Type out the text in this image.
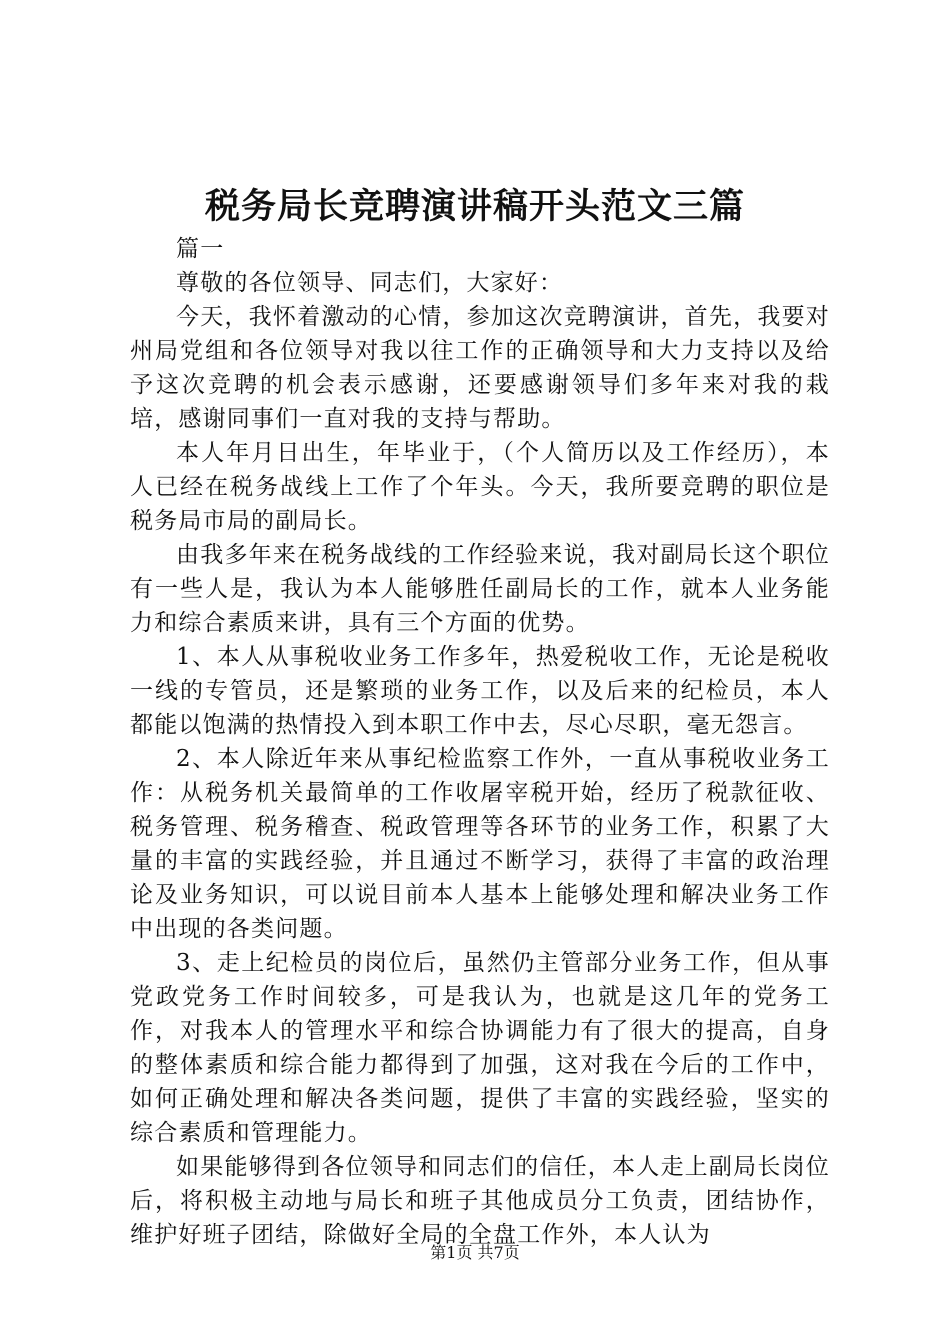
税务局长竞聘演讲稿开头范文三篇

篇一

尊敬的各位领导、同志们，大家好：

今天，我怀着激动的心情，参加这次竞聘演讲，首先，我要对州局党组和各位领导对我以往工作的正确领导和大力支持以及给予这次竞聘的机会表示感谢，还要感谢领导们多年来对我的栽培，感谢同事们一直对我的支持与帮助。

本人年月日出生，年毕业于，（个人简历以及工作经历），本人已经在税务战线上工作了个年头。今天，我所要竞聘的职位是税务局市局的副局长。

由我多年来在税务战线的工作经验来说，我对副局长这个职位有一些人是，我认为本人能够胜任副局长的工作，就本人业务能力和综合素质来讲，具有三个方面的优势。

1、本人从事税收业务工作多年，热爱税收工作，无论是税收一线的专管员，还是繁琐的业务工作，以及后来的纪检员，本人都能以饱满的热情投入到本职工作中去，尽心尽职，毫无怨言。

2、本人除近年来从事纪检监察工作外，一直从事税收业务工作：从税务机关最简单的工作收屠宰税开始，经历了税款征收、税务管理、税务稽查、税政管理等各环节的业务工作，积累了大量的丰富的实践经验，并且通过不断学习，获得了丰富的政治理论及业务知识，可以说目前本人基本上能够处理和解决业务工作中出现的各类问题。

3、走上纪检员的岗位后，虽然仍主管部分业务工作，但从事党政党务工作时间较多，可是我认为，也就是这几年的党务工作，对我本人的管理水平和综合协调能力有了很大的提高，自身的整体素质和综合能力都得到了加强，这对我在今后的工作中，如何正确处理和解决各类问题，提供了丰富的实践经验，坚实的综合素质和管理能力。

如果能够得到各位领导和同志们的信任，本人走上副局长岗位后，将积极主动地与局长和班子其他成员分工负责，团结协作，维护好班子团结，除做好全局的全盘工作外，本人认为

第1页 共7页
